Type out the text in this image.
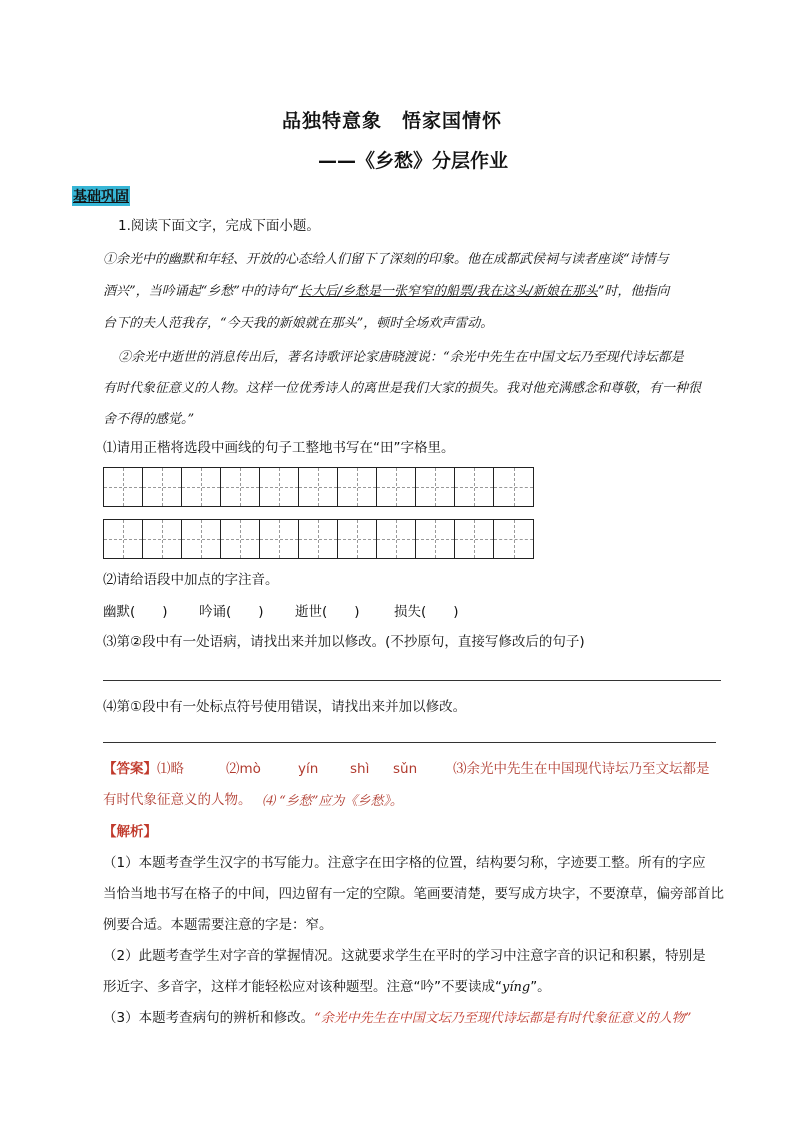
品独特意象　悟家国情怀
——《乡愁》分层作业
基础巩固
1.阅读下面文字，完成下面小题。
①余光中的幽默和年轻、开放的心态给人们留下了深刻的印象。他在成都武侯祠与读者座谈“诗情与
酒兴”，当吟诵起“乡愁”中的诗句“长大后/乡愁是一张窄窄的船票/我在这头/新娘在那头”时，他指向
台下的夫人范我存，“今天我的新娘就在那头”，顿时全场欢声雷动。
②余光中逝世的消息传出后，著名诗歌评论家唐晓渡说：“余光中先生在中国文坛乃至现代诗坛都是
有时代象征意义的人物。这样一位优秀诗人的离世是我们大家的损失。我对他充满感念和尊敬，有一种很
舍不得的感觉。”
⑴请用正楷将选段中画线的句子工整地书写在“田”字格里。
⑵请给语段中加点的字注音。
幽默(　　) 吟诵(　　) 逝世(　　)	损失(　　)
⑶第②段中有一处语病，请找出来并加以修改。(不抄原句，直接写修改后的句子)
⑷第①段中有一处标点符号使用错误，请找出来并加以修改。
【答案】⑴略	⑵mò	yín shì sǔn	⑶余光中先生在中国现代诗坛乃至文坛都是
有时代象征意义的人物。 ⑷ “乡愁”应为《乡愁》。
【解析】
（1）本题考查学生汉字的书写能力。注意字在田字格的位置，结构要匀称，字迹要工整。所有的字应
当恰当地书写在格子的中间，四边留有一定的空隙。笔画要清楚，要写成方块字，不要潦草，偏旁部首比
例要合适。本题需要注意的字是：窄。
（2）此题考查学生对字音的掌握情况。这就要求学生在平时的学习中注意字音的识记和积累，特别是
形近字、多音字，这样才能轻松应对该种题型。注意“吟”不要读成“yíng”。
（3）本题考查病句的辨析和修改。“余光中先生在中国文坛乃至现代诗坛都是有时代象征意义的人物”
